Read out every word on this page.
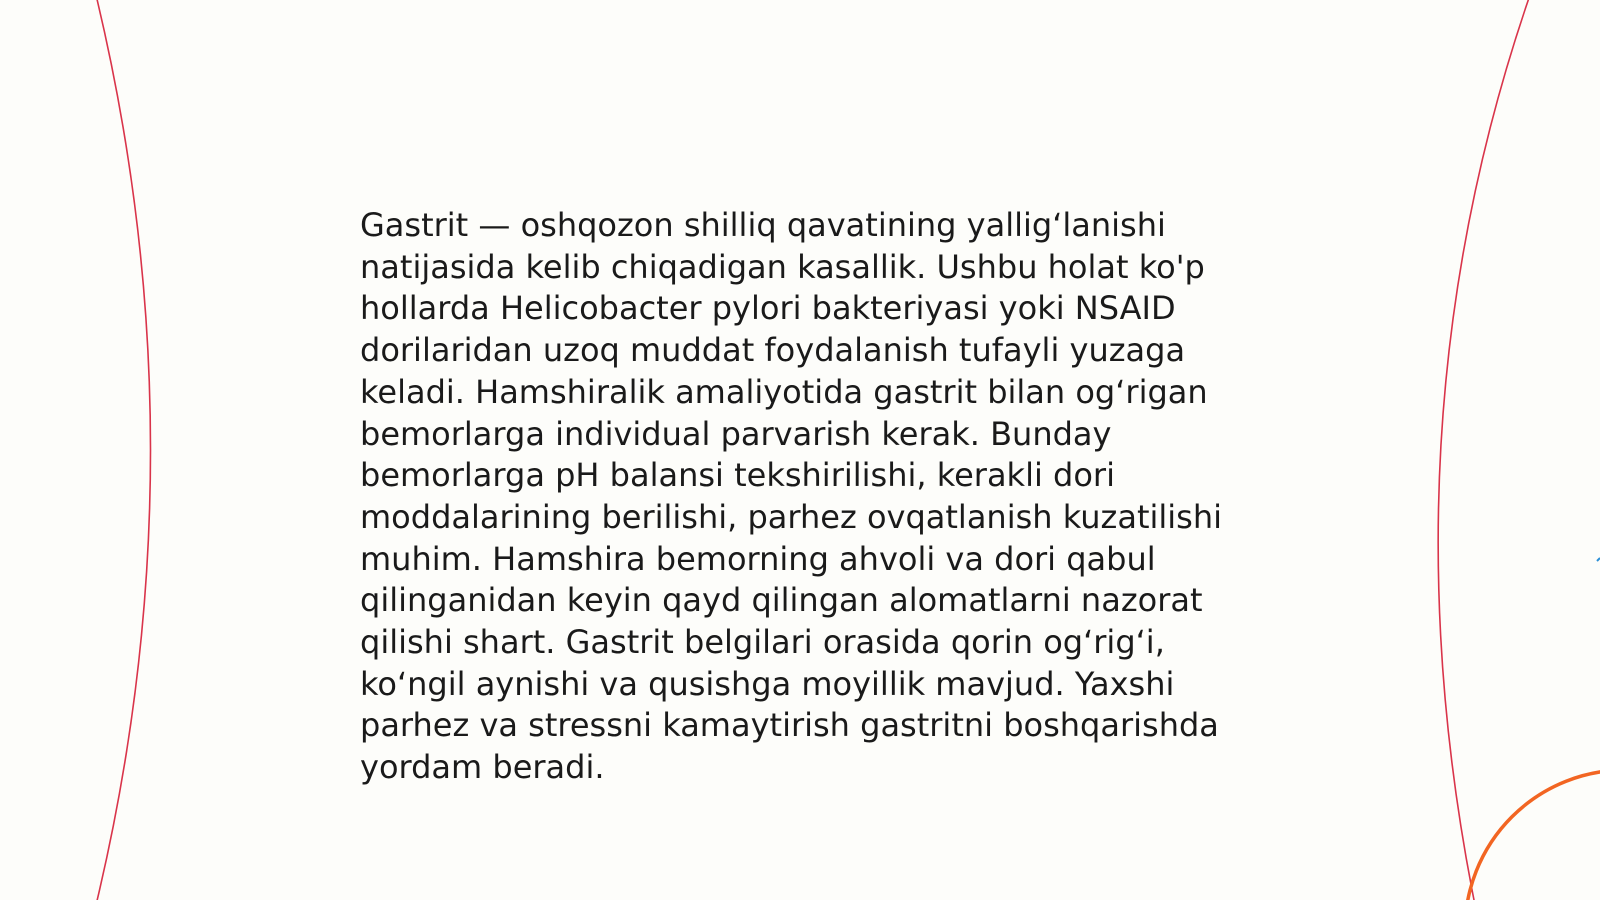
Gastrit — oshqozon shilliq qavatining yallig‘lanishi
natijasida kelib chiqadigan kasallik. Ushbu holat ko'p
hollarda Helicobacter pylori bakteriyasi yoki NSAID
dorilaridan uzoq muddat foydalanish tufayli yuzaga
keladi. Hamshiralik amaliyotida gastrit bilan og‘rigan
bemorlarga individual parvarish kerak. Bunday
bemorlarga pH balansi tekshirilishi, kerakli dori
moddalarining berilishi, parhez ovqatlanish kuzatilishi
muhim. Hamshira bemorning ahvoli va dori qabul
qilinganidan keyin qayd qilingan alomatlarni nazorat
qilishi shart. Gastrit belgilari orasida qorin og‘rig‘i,
ko‘ngil aynishi va qusishga moyillik mavjud. Yaxshi
parhez va stressni kamaytirish gastritni boshqarishda
yordam beradi.
